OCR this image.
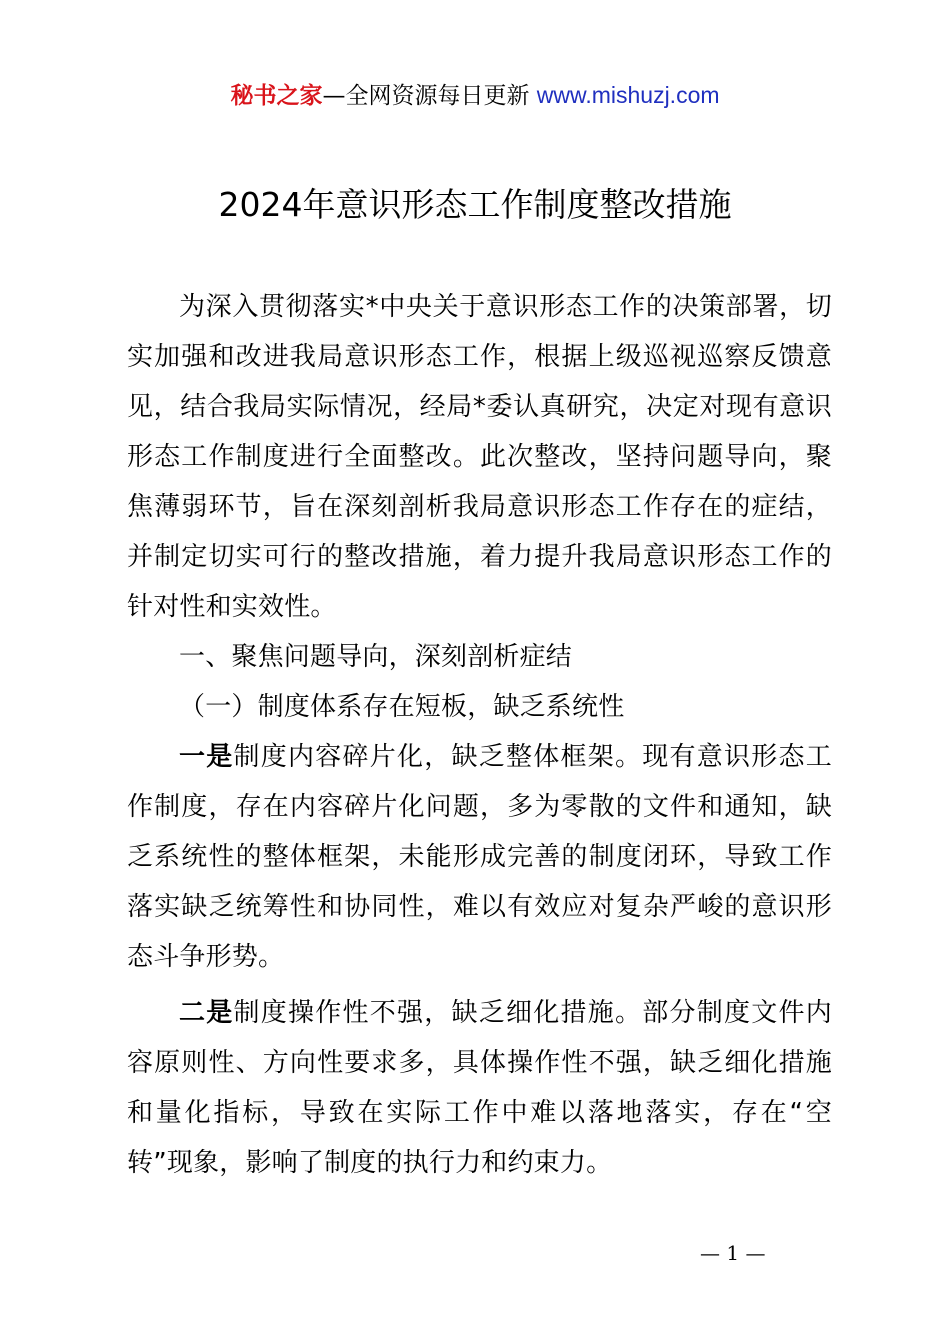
秘书之家—全网资源每日更新 www.mishuzj.com
2024年意识形态工作制度整改措施

为深入贯彻落实*中央关于意识形态工作的决策部署，切实加强和改进我局意识形态工作，根据上级巡视巡察反馈意见，结合我局实际情况，经局*委认真研究，决定对现有意识形态工作制度进行全面整改。此次整改，坚持问题导向，聚焦薄弱环节，旨在深刻剖析我局意识形态工作存在的症结，并制定切实可行的整改措施，着力提升我局意识形态工作的针对性和实效性。

一、聚焦问题导向，深刻剖析症结

（一）制度体系存在短板，缺乏系统性

一是制度内容碎片化，缺乏整体框架。现有意识形态工作制度，存在内容碎片化问题，多为零散的文件和通知，缺乏系统性的整体框架，未能形成完善的制度闭环，导致工作落实缺乏统筹性和协同性，难以有效应对复杂严峻的意识形态斗争形势。

二是制度操作性不强，缺乏细化措施。部分制度文件内容原则性、方向性要求多，具体操作性不强，缺乏细化措施和量化指标，导致在实际工作中难以落地落实，存在“空转”现象，影响了制度的执行力和约束力。

— 1 —
